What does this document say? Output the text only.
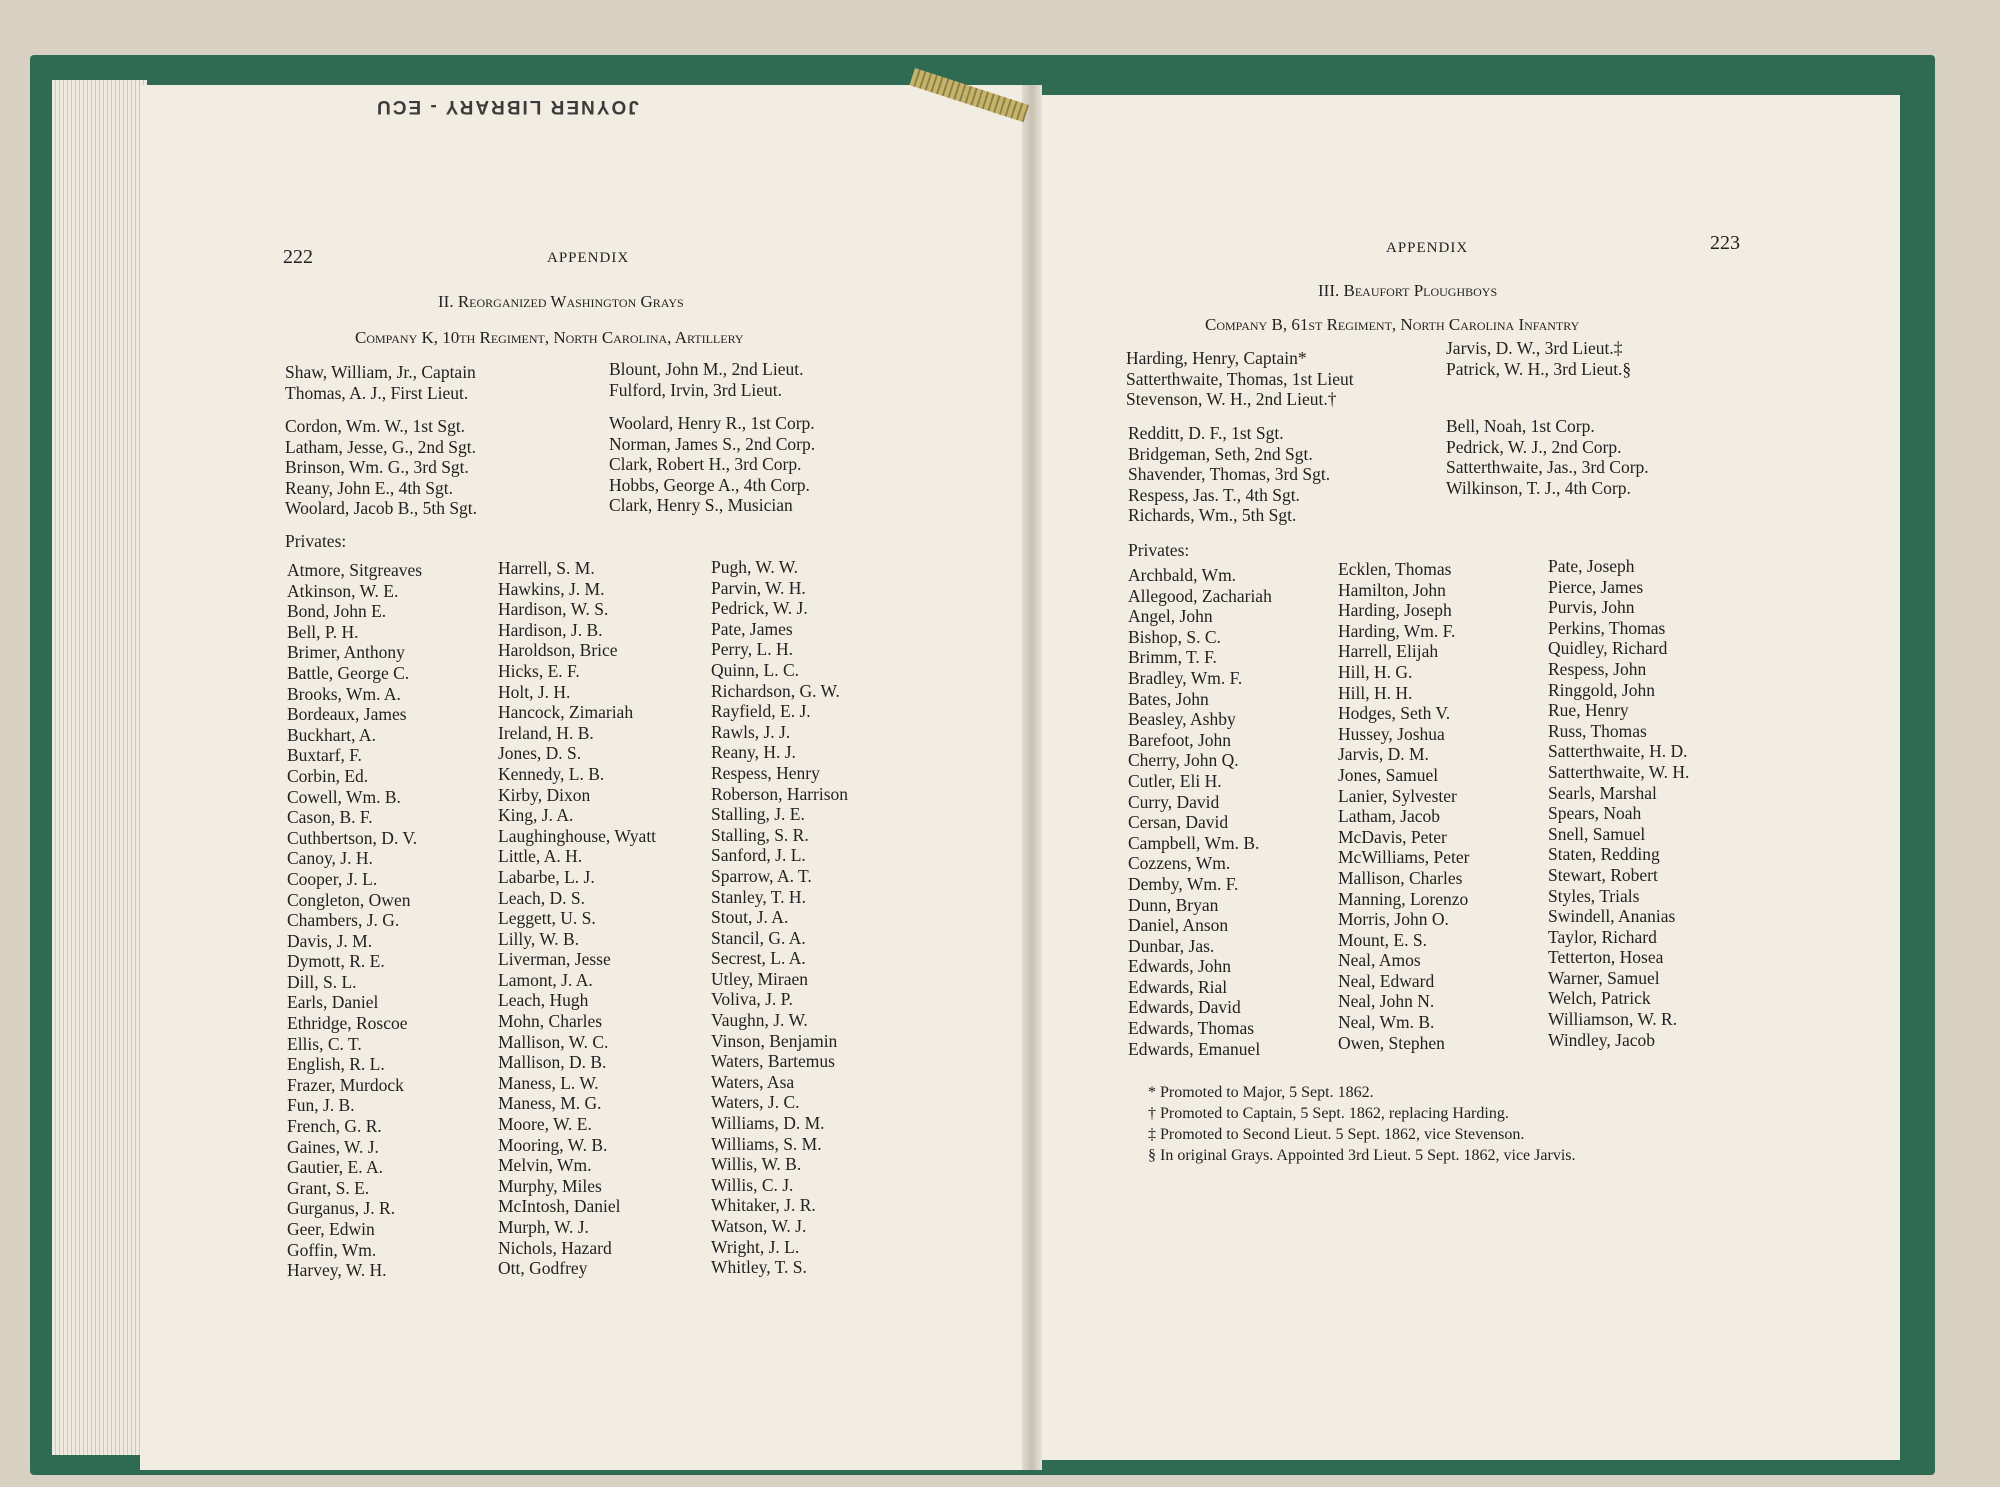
JOYNER LIBRARY - ECU
222	APPENDIX
II. Reorganized Washington Grays
Company K, 10th Regiment, North Carolina, Artillery
Shaw, William, Jr., Captain
Thomas, A. J., First Lieut.
Blount, John M., 2nd Lieut.
Fulford, Irvin, 3rd Lieut.
Cordon, Wm. W., 1st Sgt.
Latham, Jesse, G., 2nd Sgt.
Brinson, Wm. G., 3rd Sgt.
Reany, John E., 4th Sgt.
Woolard, Jacob B., 5th Sgt.
Woolard, Henry R., 1st Corp.
Norman, James S., 2nd Corp.
Clark, Robert H., 3rd Corp.
Hobbs, George A., 4th Corp.
Clark, Henry S., Musician
Privates:
Atmore, Sitgreaves
Atkinson, W. E.
Bond, John E.
Bell, P. H.
Brimer, Anthony
Battle, George C.
Brooks, Wm. A.
Bordeaux, James
Buckhart, A.
Buxtarf, F.
Corbin, Ed.
Cowell, Wm. B.
Cason, B. F.
Cuthbertson, D. V.
Canoy, J. H.
Cooper, J. L.
Congleton, Owen
Chambers, J. G.
Davis, J. M.
Dymott, R. E.
Dill, S. L.
Earls, Daniel
Ethridge, Roscoe
Ellis, C. T.
English, R. L.
Frazer, Murdock
Fun, J. B.
French, G. R.
Gaines, W. J.
Gautier, E. A.
Grant, S. E.
Gurganus, J. R.
Geer, Edwin
Goffin, Wm.
Harvey, W. H.
Harrell, S. M.
Hawkins, J. M.
Hardison, W. S.
Hardison, J. B.
Haroldson, Brice
Hicks, E. F.
Holt, J. H.
Hancock, Zimariah
Ireland, H. B.
Jones, D. S.
Kennedy, L. B.
Kirby, Dixon
King, J. A.
Laughinghouse, Wyatt
Little, A. H.
Labarbe, L. J.
Leach, D. S.
Leggett, U. S.
Lilly, W. B.
Liverman, Jesse
Lamont, J. A.
Leach, Hugh
Mohn, Charles
Mallison, W. C.
Mallison, D. B.
Maness, L. W.
Maness, M. G.
Moore, W. E.
Mooring, W. B.
Melvin, Wm.
Murphy, Miles
McIntosh, Daniel
Murph, W. J.
Nichols, Hazard
Ott, Godfrey
Pugh, W. W.
Parvin, W. H.
Pedrick, W. J.
Pate, James
Perry, L. H.
Quinn, L. C.
Richardson, G. W.
Rayfield, E. J.
Rawls, J. J.
Reany, H. J.
Respess, Henry
Roberson, Harrison
Stalling, J. E.
Stalling, S. R.
Sanford, J. L.
Sparrow, A. T.
Stanley, T. H.
Stout, J. A.
Stancil, G. A.
Secrest, L. A.
Utley, Miraen
Voliva, J. P.
Vaughn, J. W.
Vinson, Benjamin
Waters, Bartemus
Waters, Asa
Waters, J. C.
Williams, D. M.
Williams, S. M.
Willis, W. B.
Willis, C. J.
Whitaker, J. R.
Watson, W. J.
Wright, J. L.
Whitley, T. S.
223
APPENDIX
III. Beaufort Ploughboys
Company B, 61st Regiment, North Carolina Infantry
Harding, Henry, Captain*
Satterthwaite, Thomas, 1st Lieut
Stevenson, W. H., 2nd Lieut.†
Jarvis, D. W., 3rd Lieut.‡
Patrick, W. H., 3rd Lieut.§
Redditt, D. F., 1st Sgt.
Bridgeman, Seth, 2nd Sgt.
Shavender, Thomas, 3rd Sgt.
Respess, Jas. T., 4th Sgt.
Richards, Wm., 5th Sgt.
Bell, Noah, 1st Corp.
Pedrick, W. J., 2nd Corp.
Satterthwaite, Jas., 3rd Corp.
Wilkinson, T. J., 4th Corp.
Privates:
Archbald, Wm.
Allegood, Zachariah
Angel, John
Bishop, S. C.
Brimm, T. F.
Bradley, Wm. F.
Bates, John
Beasley, Ashby
Barefoot, John
Cherry, John Q.
Cutler, Eli H.
Curry, David
Cersan, David
Campbell, Wm. B.
Cozzens, Wm.
Demby, Wm. F.
Dunn, Bryan
Daniel, Anson
Dunbar, Jas.
Edwards, John
Edwards, Rial
Edwards, David
Edwards, Thomas
Edwards, Emanuel
Ecklen, Thomas
Hamilton, John
Harding, Joseph
Harding, Wm. F.
Harrell, Elijah
Hill, H. G.
Hill, H. H.
Hodges, Seth V.
Hussey, Joshua
Jarvis, D. M.
Jones, Samuel
Lanier, Sylvester
Latham, Jacob
McDavis, Peter
McWilliams, Peter
Mallison, Charles
Manning, Lorenzo
Morris, John O.
Mount, E. S.
Neal, Amos
Neal, Edward
Neal, John N.
Neal, Wm. B.
Owen, Stephen
Pate, Joseph
Pierce, James
Purvis, John
Perkins, Thomas
Quidley, Richard
Respess, John
Ringgold, John
Rue, Henry
Russ, Thomas
Satterthwaite, H. D.
Satterthwaite, W. H.
Searls, Marshal
Spears, Noah
Snell, Samuel
Staten, Redding
Stewart, Robert
Styles, Trials
Swindell, Ananias
Taylor, Richard
Tetterton, Hosea
Warner, Samuel
Welch, Patrick
Williamson, W. R.
Windley, Jacob
* Promoted to Major, 5 Sept. 1862.
† Promoted to Captain, 5 Sept. 1862, replacing Harding.
‡ Promoted to Second Lieut. 5 Sept. 1862, vice Stevenson.
§ In original Grays. Appointed 3rd Lieut. 5 Sept. 1862, vice Jarvis.
